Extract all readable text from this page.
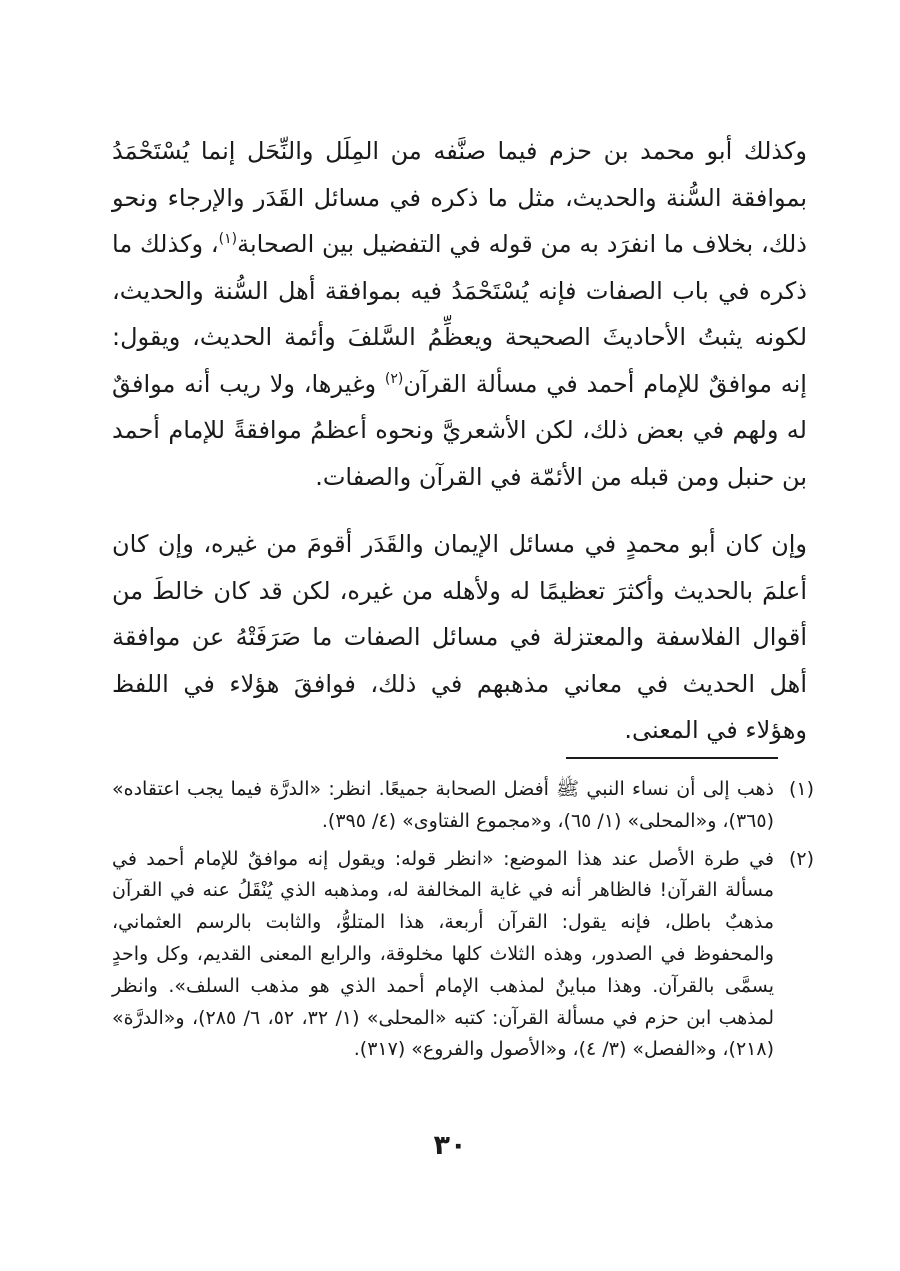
وكذلك أبو محمد بن حزم فيما صنَّفه من المِلَل والنِّحَل إنما يُسْتَحْمَدُ بموافقة السُّنة والحديث، مثل ما ذكره في مسائل القَدَر والإرجاء ونحو ذلك، بخلاف ما انفرَد به من قوله في التفضيل بين الصحابة$^{(١)}$، وكذلك ما ذكره في باب الصفات فإنه يُسْتَحْمَدُ فيه بموافقة أهل السُّنة والحديث، لكونه يثبتُ الأحاديثَ الصحيحة ويعظِّمُ السَّلفَ وأئمة الحديث، ويقول: إنه موافقٌ للإمام أحمد في مسألة القرآن$^{(٢)}$ وغيرها، ولا ريب أنه موافقٌ له ولهم في بعض ذلك، لكن الأشعريَّ ونحوه أعظمُ موافقةً للإمام أحمد بن حنبل ومن قبله من الأئمّة في القرآن والصفات.

وإن كان أبو محمدٍ في مسائل الإيمان والقَدَر أقومَ من غيره، وإن كان أعلمَ بالحديث وأكثرَ تعظيمًا له ولأهله من غيره، لكن قد كان خالطَ من أقوال الفلاسفة والمعتزلة في مسائل الصفات ما صَرَفَتْهُ عن موافقة أهل الحديث في معاني مذهبهم في ذلك، فوافقَ هؤلاء في اللفظ وهؤلاء في المعنى.

(١)
ذهب إلى أن نساء النبي ﷺ أفضل الصحابة جميعًا. انظر: «الدرَّة فيما يجب اعتقاده» (٣٦٥)، و«المحلى» (١/ ٦٥)، و«مجموع الفتاوى» (٤/ ٣٩٥).
(٢)
في طرة الأصل عند هذا الموضع: «انظر قوله: ويقول إنه موافقٌ للإمام أحمد في مسألة القرآن! فالظاهر أنه في غاية المخالفة له، ومذهبه الذي يُنْقَلُ عنه في القرآن مذهبٌ باطل، فإنه يقول: القرآن أربعة، هذا المتلوُّ، والثابت بالرسم العثماني، والمحفوظ في الصدور، وهذه الثلاث كلها مخلوقة، والرابع المعنى القديم، وكل واحدٍ يسمَّى بالقرآن. وهذا مباينٌ لمذهب الإمام أحمد الذي هو مذهب السلف». وانظر لمذهب ابن حزم في مسألة القرآن: كتبه «المحلى» (١/ ٣٢، ٥٢، ٦/ ٢٨٥)، و«الدرَّة» (٢١٨)، و«الفصل» (٣/ ٤)، و«الأصول والفروع» (٣١٧).
٣٠
